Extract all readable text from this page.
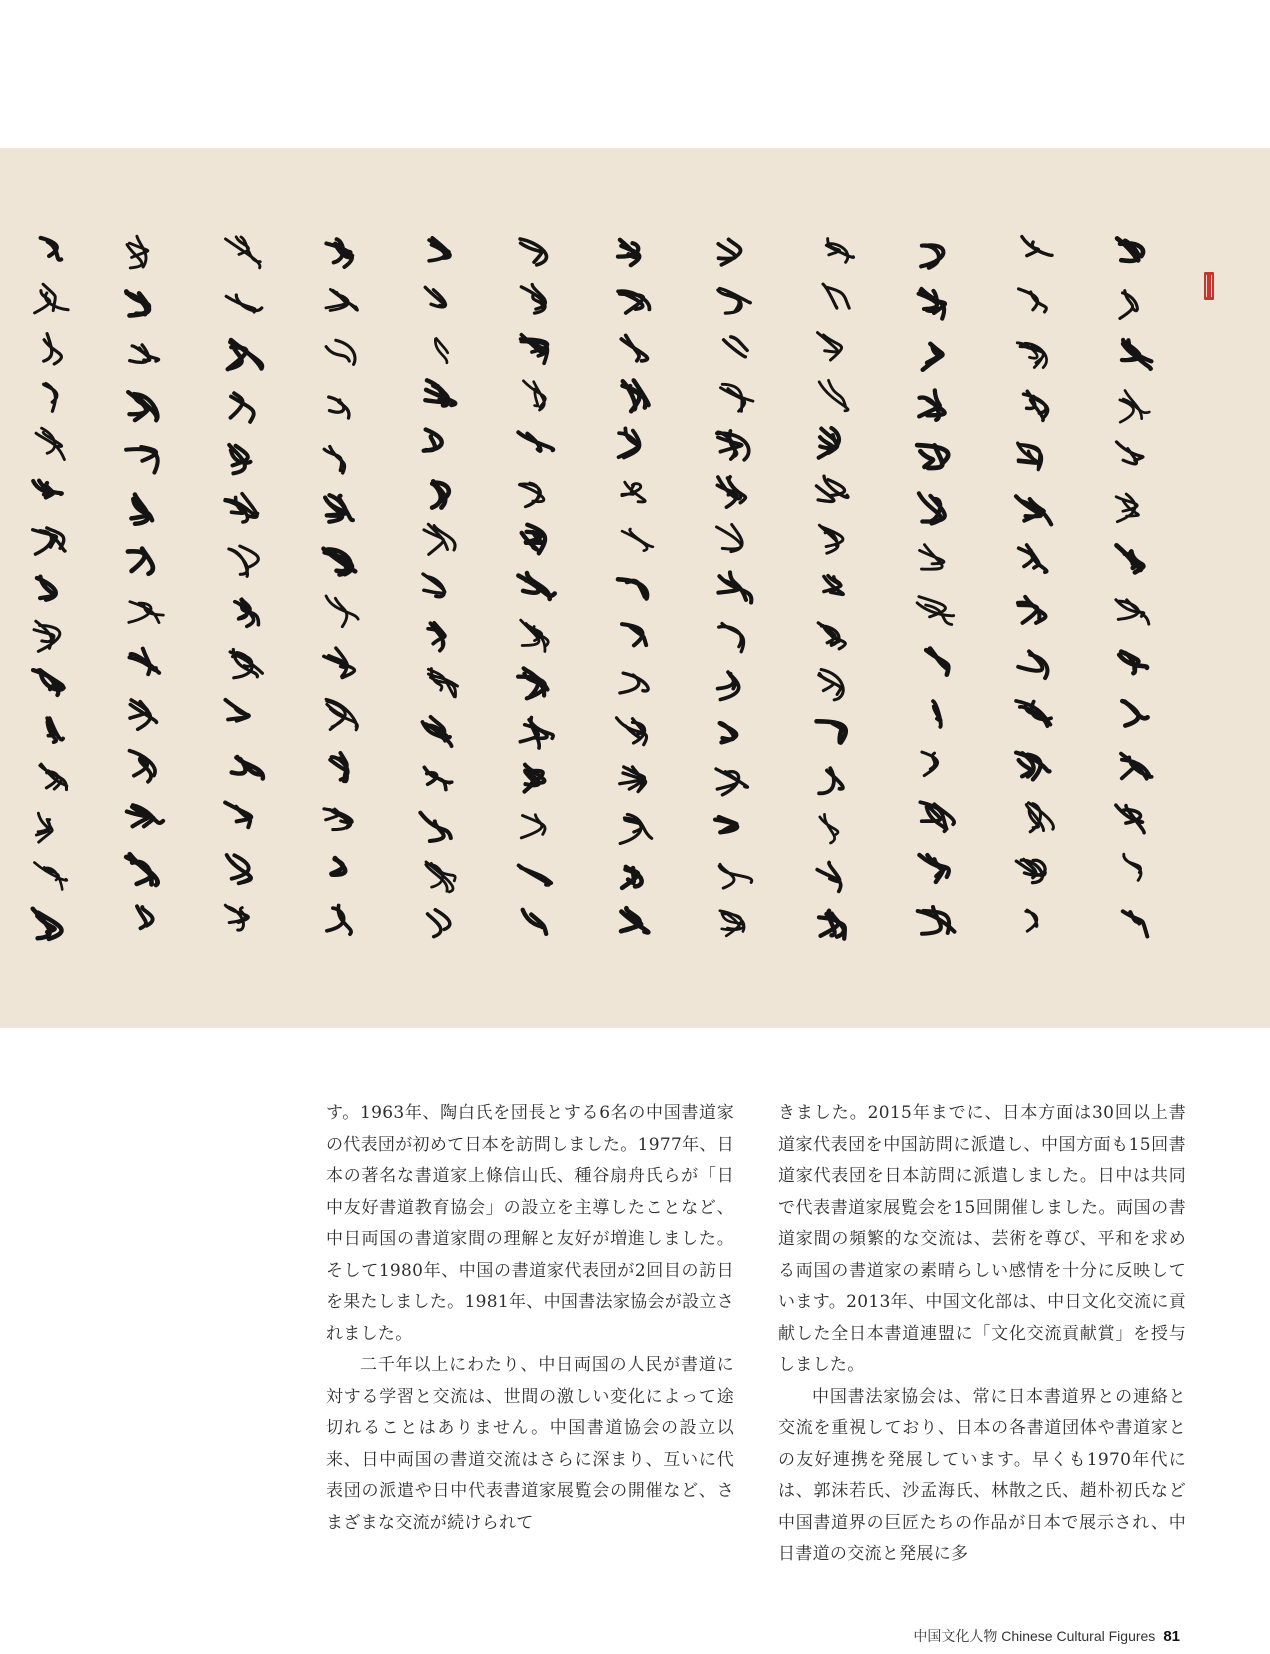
す。1963年、陶白氏を団長とする6名の中国書道家の代表団が初めて日本を訪問しました。1977年、日本の著名な書道家上條信山氏、種谷扇舟氏らが「日中友好書道教育協会」の設立を主導したことなど、中日両国の書道家間の理解と友好が増進しました。そして1980年、中国の書道家代表団が2回目の訪日を果たしました。1981年、中国書法家協会が設立されました。

二千年以上にわたり、中日両国の人民が書道に対する学習と交流は、世間の激しい変化によって途切れることはありません。中国書道協会の設立以来、日中両国の書道交流はさらに深まり、互いに代表団の派遣や日中代表書道家展覧会の開催など、さまざまな交流が続けられて

きました。2015年までに、日本方面は30回以上書道家代表団を中国訪問に派遣し、中国方面も15回書道家代表団を日本訪問に派遣しました。日中は共同で代表書道家展覧会を15回開催しました。両国の書道家間の頻繁的な交流は、芸術を尊び、平和を求める両国の書道家の素晴らしい感情を十分に反映しています。2013年、中国文化部は、中日文化交流に貢献した全日本書道連盟に「文化交流貢献賞」を授与しました。

中国書法家協会は、常に日本書道界との連絡と交流を重視しており、日本の各書道団体や書道家との友好連携を発展しています。早くも1970年代には、郭沫若氏、沙孟海氏、林散之氏、趙朴初氏など中国書道界の巨匠たちの作品が日本で展示され、中日書道の交流と発展に多

中国文化人物 Chinese Cultural Figures 81
